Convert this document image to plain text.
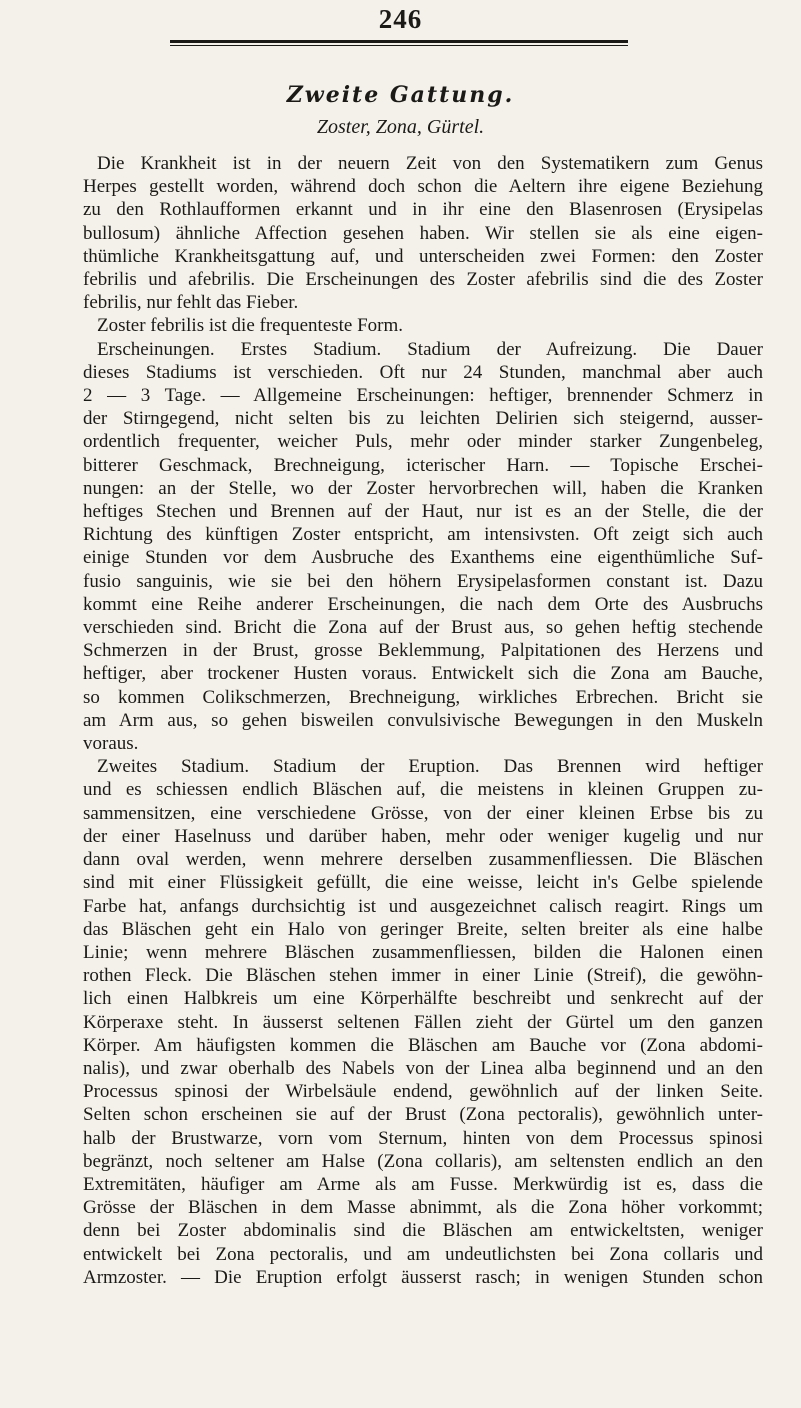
246
Zweite Gattung.
Zoster, Zona, Gürtel.
Die Krankheit ist in der neuern Zeit von den Systematikern zum Genus
Herpes gestellt worden, während doch schon die Aeltern ihre eigene Beziehung
zu den Rothlaufformen erkannt und in ihr eine den Blasenrosen (Erysipelas
bullosum) ähnliche Affection gesehen haben. Wir stellen sie als eine eigen-
thümliche Krankheitsgattung auf, und unterscheiden zwei Formen: den Zoster
febrilis und afebrilis. Die Erscheinungen des Zoster afebrilis sind die des Zoster
febrilis, nur fehlt das Fieber.
Zoster febrilis ist die frequenteste Form.
Erscheinungen. Erstes Stadium. Stadium der Aufreizung. Die Dauer
dieses Stadiums ist verschieden. Oft nur 24 Stunden, manchmal aber auch
2 — 3 Tage. — Allgemeine Erscheinungen: heftiger, brennender Schmerz in
der Stirngegend, nicht selten bis zu leichten Delirien sich steigernd, ausser-
ordentlich frequenter, weicher Puls, mehr oder minder starker Zungenbeleg,
bitterer Geschmack, Brechneigung, icterischer Harn. — Topische Erschei-
nungen: an der Stelle, wo der Zoster hervorbrechen will, haben die Kranken
heftiges Stechen und Brennen auf der Haut, nur ist es an der Stelle, die der
Richtung des künftigen Zoster entspricht, am intensivsten. Oft zeigt sich auch
einige Stunden vor dem Ausbruche des Exanthems eine eigenthümliche Suf-
fusio sanguinis, wie sie bei den höhern Erysipelasformen constant ist. Dazu
kommt eine Reihe anderer Erscheinungen, die nach dem Orte des Ausbruchs
verschieden sind. Bricht die Zona auf der Brust aus, so gehen heftig stechende
Schmerzen in der Brust, grosse Beklemmung, Palpitationen des Herzens und
heftiger, aber trockener Husten voraus. Entwickelt sich die Zona am Bauche,
so kommen Colikschmerzen, Brechneigung, wirkliches Erbrechen. Bricht sie
am Arm aus, so gehen bisweilen convulsivische Bewegungen in den Muskeln
voraus.
Zweites Stadium. Stadium der Eruption. Das Brennen wird heftiger
und es schiessen endlich Bläschen auf, die meistens in kleinen Gruppen zu-
sammensitzen, eine verschiedene Grösse, von der einer kleinen Erbse bis zu
der einer Haselnuss und darüber haben, mehr oder weniger kugelig und nur
dann oval werden, wenn mehrere derselben zusammenfliessen. Die Bläschen
sind mit einer Flüssigkeit gefüllt, die eine weisse, leicht in's Gelbe spielende
Farbe hat, anfangs durchsichtig ist und ausgezeichnet calisch reagirt. Rings um
das Bläschen geht ein Halo von geringer Breite, selten breiter als eine halbe
Linie; wenn mehrere Bläschen zusammenfliessen, bilden die Halonen einen
rothen Fleck. Die Bläschen stehen immer in einer Linie (Streif), die gewöhn-
lich einen Halbkreis um eine Körperhälfte beschreibt und senkrecht auf der
Körperaxe steht. In äusserst seltenen Fällen zieht der Gürtel um den ganzen
Körper. Am häufigsten kommen die Bläschen am Bauche vor (Zona abdomi-
nalis), und zwar oberhalb des Nabels von der Linea alba beginnend und an den
Processus spinosi der Wirbelsäule endend, gewöhnlich auf der linken Seite.
Selten schon erscheinen sie auf der Brust (Zona pectoralis), gewöhnlich unter-
halb der Brustwarze, vorn vom Sternum, hinten von dem Processus spinosi
begränzt, noch seltener am Halse (Zona collaris), am seltensten endlich an den
Extremitäten, häufiger am Arme als am Fusse. Merkwürdig ist es, dass die
Grösse der Bläschen in dem Masse abnimmt, als die Zona höher vorkommt;
denn bei Zoster abdominalis sind die Bläschen am entwickeltsten, weniger
entwickelt bei Zona pectoralis, und am undeutlichsten bei Zona collaris und
Armzoster. — Die Eruption erfolgt äusserst rasch; in wenigen Stunden schon
